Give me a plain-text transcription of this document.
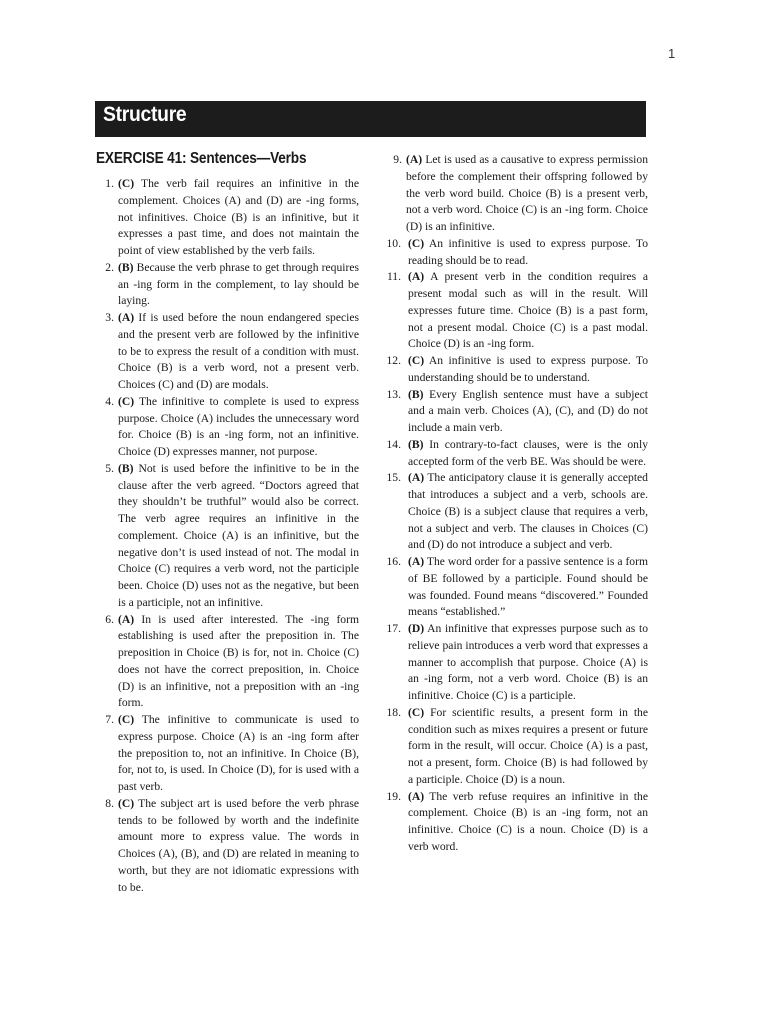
1
Structure
EXERCISE 41: Sentences—Verbs
1. (C) The verb fail requires an infinitive in the complement. Choices (A) and (D) are -ing forms, not infinitives. Choice (B) is an infinitive, but it expresses a past time, and does not maintain the point of view established by the verb fails.
2. (B) Because the verb phrase to get through requires an -ing form in the complement, to lay should be laying.
3. (A) If is used before the noun endangered species and the present verb are followed by the infinitive to be to express the result of a condition with must. Choice (B) is a verb word, not a present verb. Choices (C) and (D) are modals.
4. (C) The infinitive to complete is used to express purpose. Choice (A) includes the unnecessary word for. Choice (B) is an -ing form, not an infinitive. Choice (D) expresses manner, not purpose.
5. (B) Not is used before the infinitive to be in the clause after the verb agreed. “Doctors agreed that they shouldn’t be truthful” would also be correct. The verb agree requires an infinitive in the complement. Choice (A) is an infinitive, but the negative don’t is used instead of not. The modal in Choice (C) requires a verb word, not the participle been. Choice (D) uses not as the negative, but been is a participle, not an infinitive.
6. (A) In is used after interested. The -ing form establishing is used after the preposition in. The preposition in Choice (B) is for, not in. Choice (C) does not have the correct preposition, in. Choice (D) is an infinitive, not a preposition with an -ing form.
7. (C) The infinitive to communicate is used to express purpose. Choice (A) is an -ing form after the preposition to, not an infinitive. In Choice (B), for, not to, is used. In Choice (D), for is used with a past verb.
8. (C) The subject art is used before the verb phrase tends to be followed by worth and the indefinite amount more to express value. The words in Choices (A), (B), and (D) are related in meaning to worth, but they are not idiomatic expressions with to be.
9. (A) Let is used as a causative to express permission before the complement their offspring followed by the verb word build. Choice (B) is a present verb, not a verb word. Choice (C) is an -ing form. Choice (D) is an infinitive.
10. (C) An infinitive is used to express purpose. To reading should be to read.
11. (A) A present verb in the condition requires a present modal such as will in the result. Will expresses future time. Choice (B) is a past form, not a present modal. Choice (C) is a past modal. Choice (D) is an -ing form.
12. (C) An infinitive is used to express purpose. To understanding should be to understand.
13. (B) Every English sentence must have a subject and a main verb. Choices (A), (C), and (D) do not include a main verb.
14. (B) In contrary-to-fact clauses, were is the only accepted form of the verb BE. Was should be were.
15. (A) The anticipatory clause it is generally accepted that introduces a subject and a verb, schools are. Choice (B) is a subject clause that requires a verb, not a subject and verb. The clauses in Choices (C) and (D) do not introduce a subject and verb.
16. (A) The word order for a passive sentence is a form of BE followed by a participle. Found should be was founded. Found means “discovered.” Founded means “established.”
17. (D) An infinitive that expresses purpose such as to relieve pain introduces a verb word that expresses a manner to accomplish that purpose. Choice (A) is an -ing form, not a verb word. Choice (B) is an infinitive. Choice (C) is a participle.
18. (C) For scientific results, a present form in the condition such as mixes requires a present or future form in the result, will occur. Choice (A) is a past, not a present, form. Choice (B) is had followed by a participle. Choice (D) is a noun.
19. (A) The verb refuse requires an infinitive in the complement. Choice (B) is an -ing form, not an infinitive. Choice (C) is a noun. Choice (D) is a verb word.
